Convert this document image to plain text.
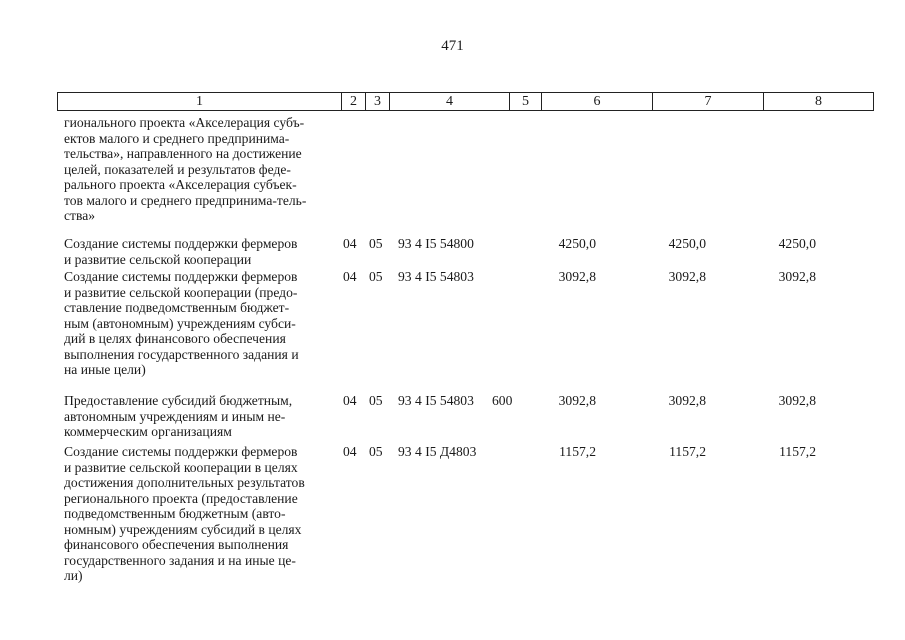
471
1	2	3	4	5	6	7	8
гионального проекта «Акселерация субъ-
ектов малого и среднего предпринима-
тельства», направленного на достижение
целей, показателей и результатов феде-
рального проекта «Акселерация субъек-
тов малого и среднего предпринима-тель-
ства»
Создание системы поддержки фермеров
и развитие сельской кооперации
04 05 93 4 I5 54800	4250,0	4250,0	4250,0
Создание системы поддержки фермеров
и развитие сельской кооперации (предо-
ставление подведомственным бюджет-
ным (автономным) учреждениям субси-
дий в целях финансового обеспечения
выполнения государственного задания и
на иные цели)
04 05 93 4 I5 54803	3092,8	3092,8	3092,8
Предоставление субсидий бюджетным,
автономным учреждениям и иным не-
коммерческим организациям
04 05 93 4 I5 54803 600	3092,8	3092,8	3092,8
Создание системы поддержки фермеров
и развитие сельской кооперации в целях
достижения дополнительных результатов
регионального проекта (предоставление
подведомственным бюджетным (авто-
номным) учреждениям субсидий в целях
финансового обеспечения выполнения
государственного задания и на иные це-
ли)
04 05 93 4 I5 Д4803	1157,2	1157,2	1157,2
